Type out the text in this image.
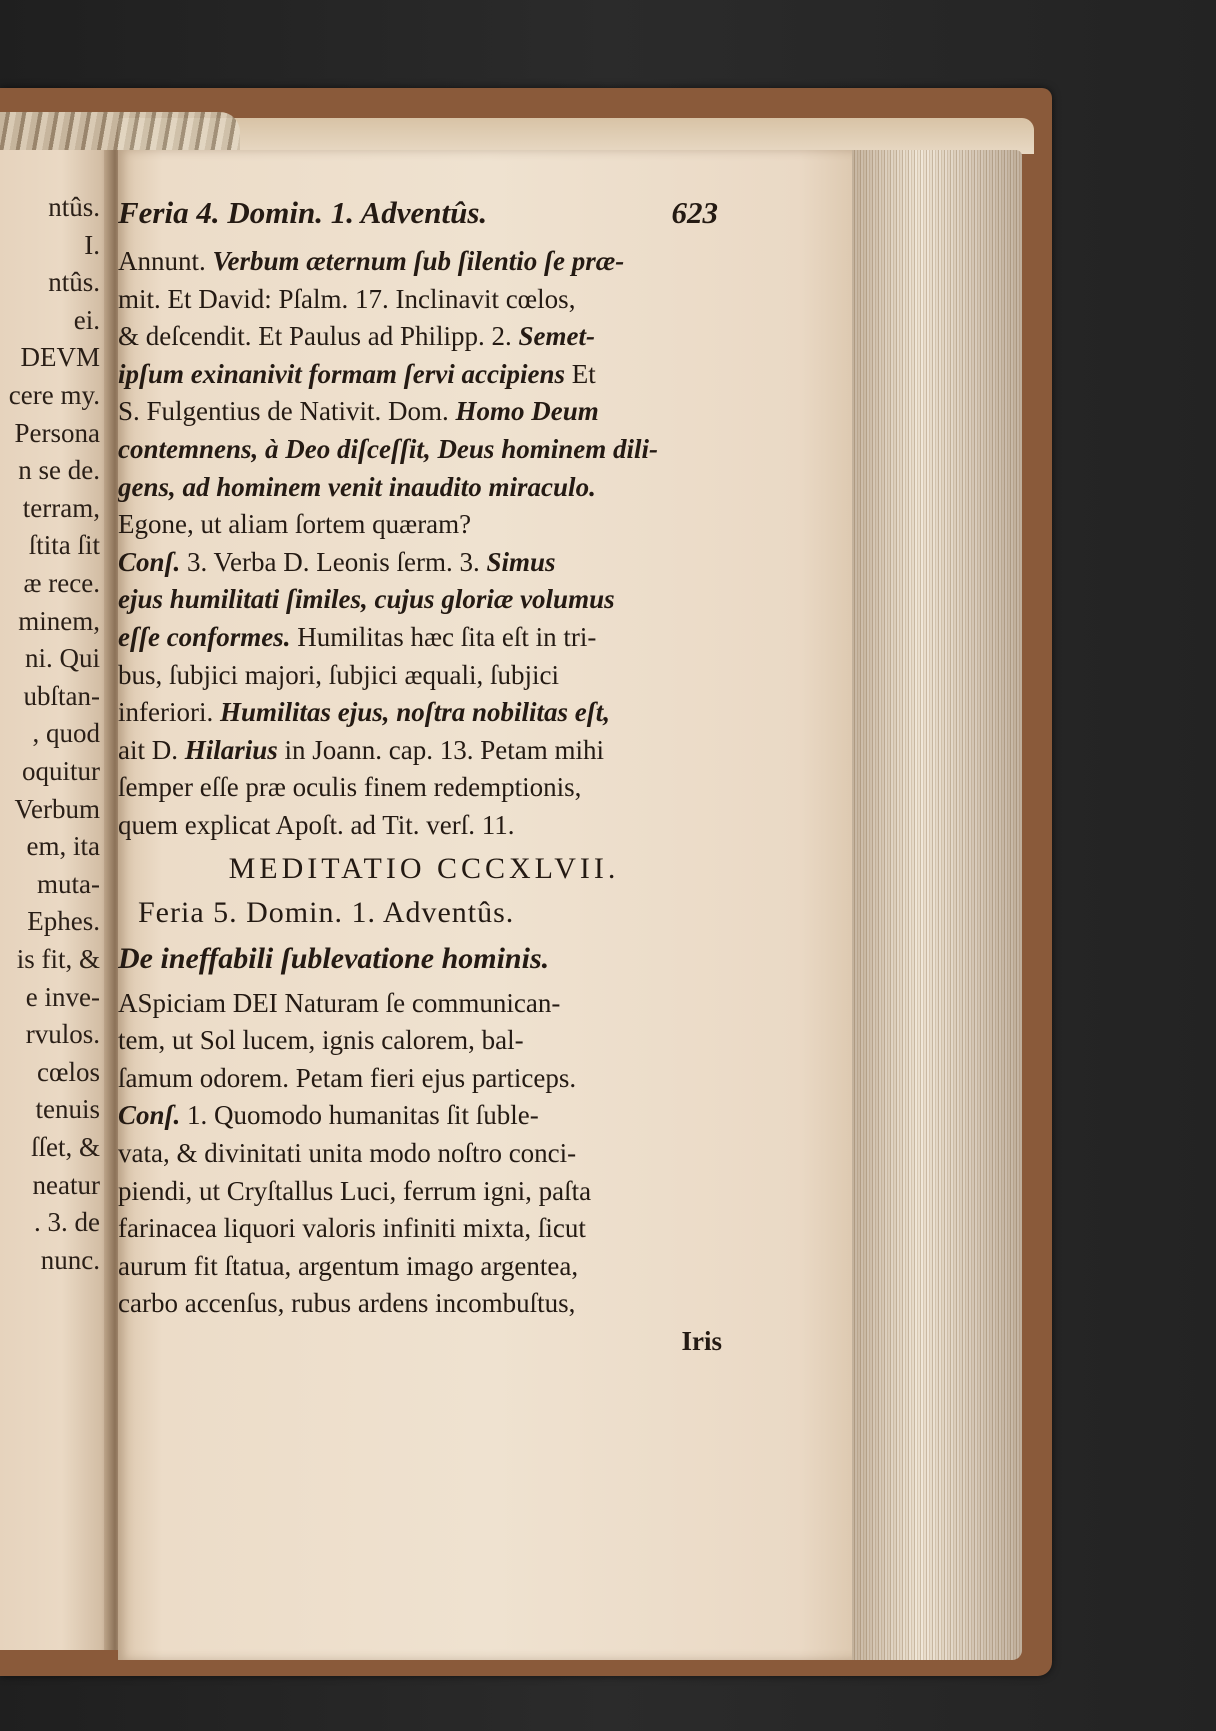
ntûs.
I.
ntûs.
ei.
DEVM
cere my.
Persona
n se de.
terram,
ſtita ſit
æ rece.
minem,
ni. Qui
ubſtan-
, quod
oquitur
Verbum
em, ita
muta-
Ephes.
is fit, &
e inve-
rvulos.
cœlos
tenuis
ſſet, &
neatur
. 3. de
nunc.
Feria 4. Domin. 1. Adventûs.	623
Annunt. Verbum æternum ſub ſilentio ſe præ-
mit. Et David: Pſalm. 17. Inclinavit cœlos,
& deſcendit. Et Paulus ad Philipp. 2. Semet-
ipſum exinanivit formam ſervi accipiens Et
S. Fulgentius de Nativit. Dom. Homo Deum
contemnens, à Deo diſceſſit, Deus hominem dili-
gens, ad hominem venit inaudito miraculo.
Egone, ut aliam ſortem quæram?
Conſ. 3. Verba D. Leonis ſerm. 3. Simus
ejus humilitati ſimiles, cujus gloriæ volumus
eſſe conformes. Humilitas hæc ſita eſt in tri-
bus, ſubjici majori, ſubjici æquali, ſubjici
inferiori. Humilitas ejus, noſtra nobilitas eſt,
ait D. Hilarius in Joann. cap. 13. Petam mihi
ſemper eſſe præ oculis finem redemptionis,
quem explicat Apoſt. ad Tit. verſ. 11.
MEDITATIO CCCXLVII.
Feria 5. Domin. 1. Adventûs.
De ineffabili ſublevatione hominis.
ASpiciam DEI Naturam ſe communican-
tem, ut Sol lucem, ignis calorem, bal-
ſamum odorem. Petam fieri ejus particeps.
Conſ. 1. Quomodo humanitas ſit ſuble-
vata, & divinitati unita modo noſtro conci-
piendi, ut Cryſtallus Luci, ferrum igni, paſta
farinacea liquori valoris infiniti mixta, ſicut
aurum fit ſtatua, argentum imago argentea,
carbo accenſus, rubus ardens incombuſtus,
Iris
